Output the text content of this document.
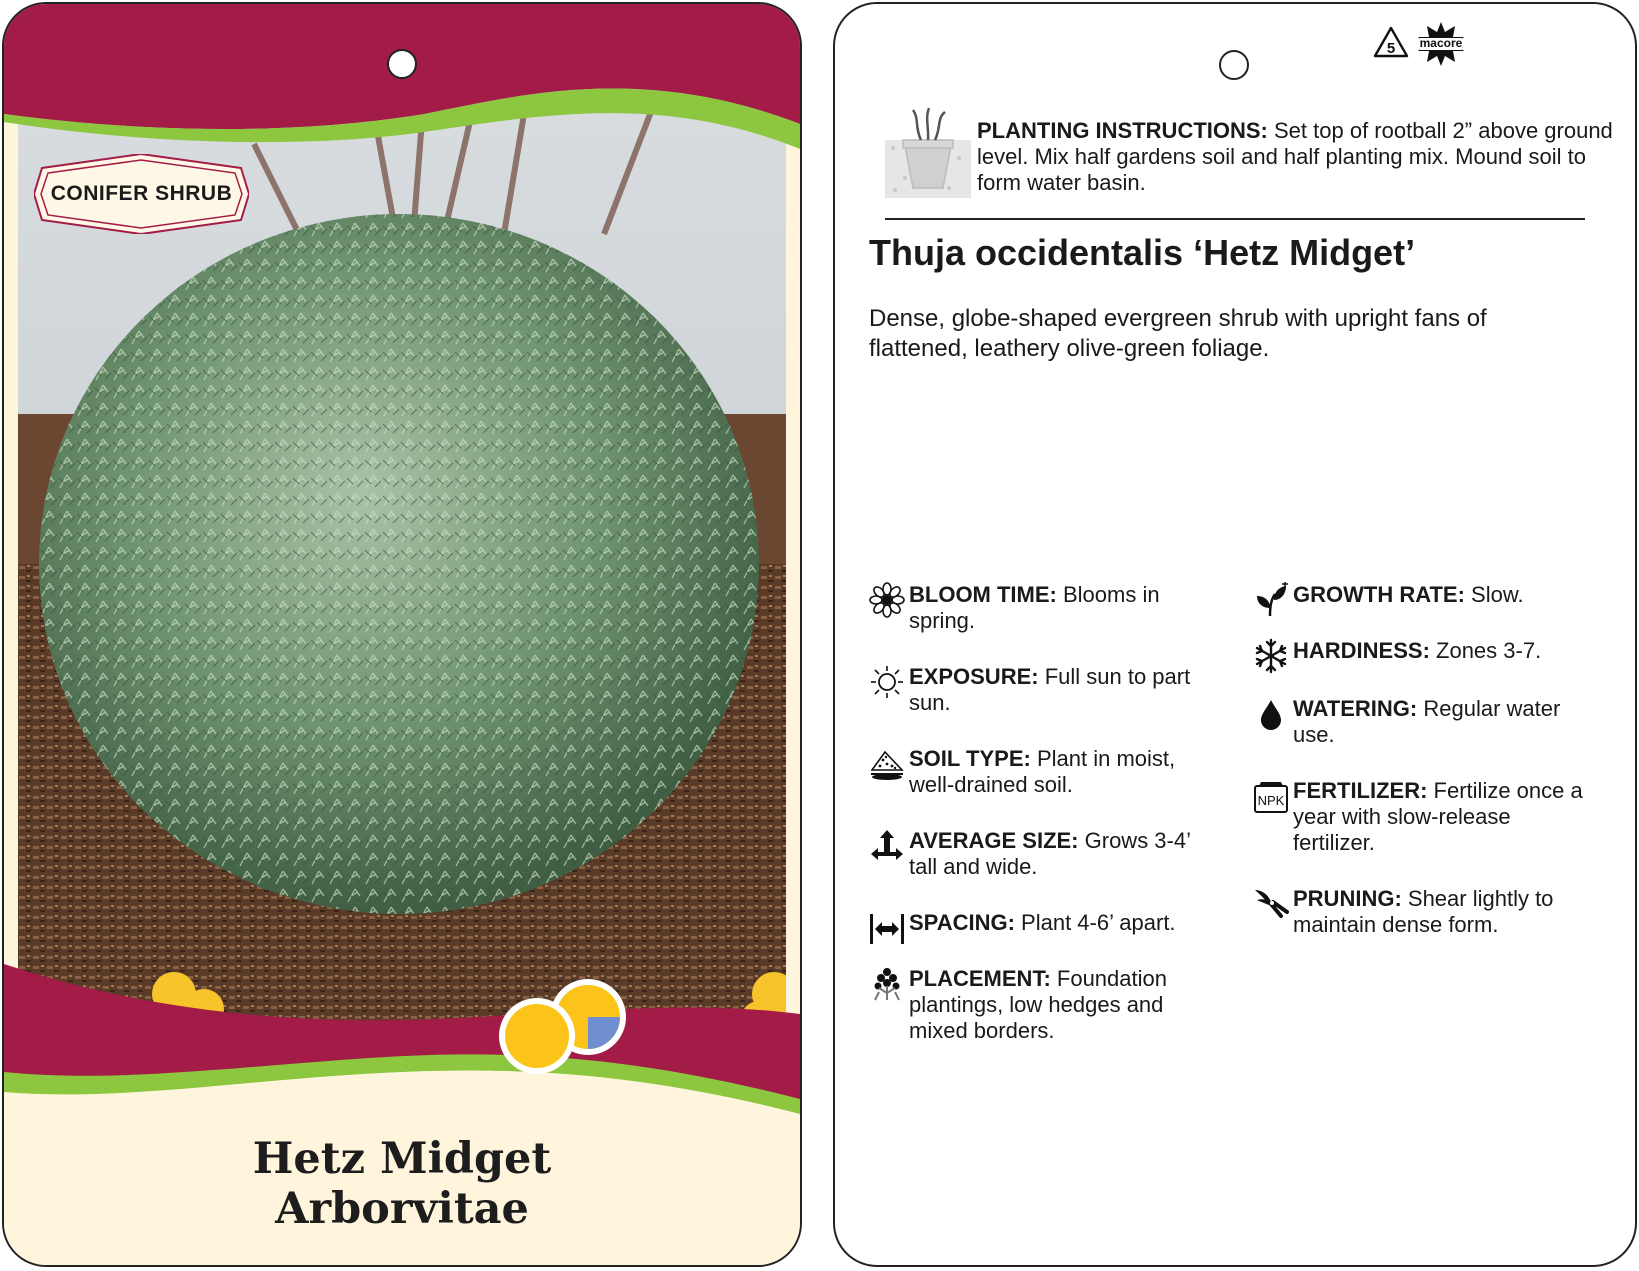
CONIFER SHRUB
Hetz Midget
Arborvitae
5	macore
PLANTING INSTRUCTIONS: Set top of rootball 2” above ground level. Mix half gardens soil and half planting mix. Mound soil to form water basin.
Thuja occidentalis ‘Hetz Midget’
Dense, globe-shaped evergreen shrub with upright fans of flattened, leathery olive-green foliage.
BLOOM TIME: Blooms in spring.
EXPOSURE: Full sun to part sun.
SOIL TYPE: Plant in moist, well-drained soil.
AVERAGE SIZE: Grows 3-4’ tall and wide.
SPACING: Plant 4-6’ apart.
PLACEMENT: Foundation plantings, low hedges and mixed borders.
GROWTH RATE: Slow.
HARDINESS: Zones 3-7.
WATERING: Regular water use.
NPK FERTILIZER: Fertilize once a year with slow-release fertilizer.
PRUNING: Shear lightly to maintain dense form.
